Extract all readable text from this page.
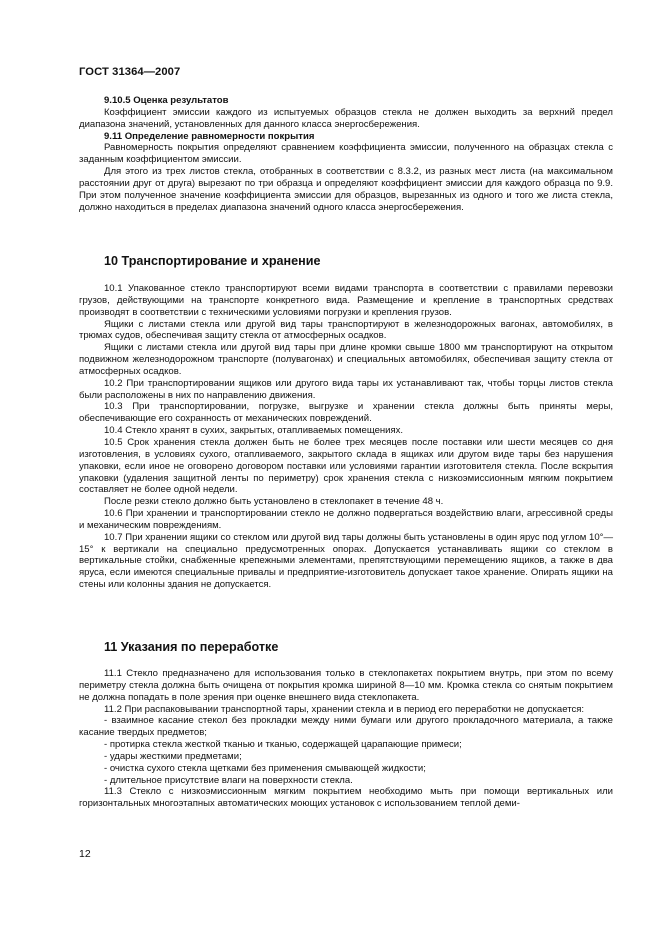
ГОСТ 31364—2007

9.10.5 Оценка результатов

Коэффициент эмиссии каждого из испытуемых образцов стекла не должен выходить за верхний предел диапазона значений, установленных для данного класса энергосбережения.

9.11 Определение равномерности покрытия

Равномерность покрытия определяют сравнением коэффициента эмиссии, полученного на образцах стекла с заданным коэффициентом эмиссии.

Для этого из трех листов стекла, отобранных в соответствии с 8.3.2, из разных мест листа (на максимальном расстоянии друг от друга) вырезают по три образца и определяют коэффициент эмиссии для каждого образца по 9.9. При этом полученное значение коэффициента эмиссии для образцов, вырезанных из одного и того же листа стекла, должно находиться в пределах диапазона значений одного класса энергосбережения.

10 Транспортирование и хранение

10.1 Упакованное стекло транспортируют всеми видами транспорта в соответствии с правилами перевозки грузов, действующими на транспорте конкретного вида. Размещение и крепление в транспортных средствах производят в соответствии с техническими условиями погрузки и крепления грузов.

Ящики с листами стекла или другой вид тары транспортируют в железнодорожных вагонах, автомобилях, в трюмах судов, обеспечивая защиту стекла от атмосферных осадков.

Ящики с листами стекла или другой вид тары при длине кромки свыше 1800 мм транспортируют на открытом подвижном железнодорожном транспорте (полувагонах) и специальных автомобилях, обеспечивая защиту стекла от атмосферных осадков.

10.2 При транспортировании ящиков или другого вида тары их устанавливают так, чтобы торцы листов стекла были расположены в них по направлению движения.

10.3 При транспортировании, погрузке, выгрузке и хранении стекла должны быть приняты меры, обеспечивающие его сохранность от механических повреждений.

10.4 Стекло хранят в сухих, закрытых, отапливаемых помещениях.

10.5 Срок хранения стекла должен быть не более трех месяцев после поставки или шести месяцев со дня изготовления, в условиях сухого, отапливаемого, закрытого склада в ящиках или другом виде тары без нарушения упаковки, если иное не оговорено договором поставки или условиями гарантии изготовителя стекла. После вскрытия упаковки (удаления защитной ленты по периметру) срок хранения стекла с низкоэмиссионным мягким покрытием составляет не более одной недели.

После резки стекло должно быть установлено в стеклопакет в течение 48 ч.

10.6 При хранении и транспортировании стекло не должно подвергаться воздействию влаги, агрессивной среды и механическим повреждениям.

10.7 При хранении ящики со стеклом или другой вид тары должны быть установлены в один ярус под углом 10°—15° к вертикали на специально предусмотренных опорах. Допускается устанавливать ящики со стеклом в вертикальные стойки, снабженные крепежными элементами, препятствующими перемещению ящиков, а также в два яруса, если имеются специальные привалы и предприятие-изготовитель допускает такое хранение. Опирать ящики на стены или колонны здания не допускается.

11 Указания по переработке

11.1 Стекло предназначено для использования только в стеклопакетах покрытием внутрь, при этом по всему периметру стекла должна быть очищена от покрытия кромка шириной 8—10 мм. Кромка стекла со снятым покрытием не должна попадать в поле зрения при оценке внешнего вида стеклопакета.

11.2 При распаковывании транспортной тары, хранении стекла и в период его переработки не допускается:

- взаимное касание стекол без прокладки между ними бумаги или другого прокладочного материала, а также касание твердых предметов;

- протирка стекла жесткой тканью и тканью, содержащей царапающие примеси;

- удары жесткими предметами;

- очистка сухого стекла щетками без применения смывающей жидкости;

- длительное присутствие влаги на поверхности стекла.

11.3 Стекло с низкоэмиссионным мягким покрытием необходимо мыть при помощи вертикальных или горизонтальных многоэтапных автоматических моющих установок с использованием теплой деми-

12
